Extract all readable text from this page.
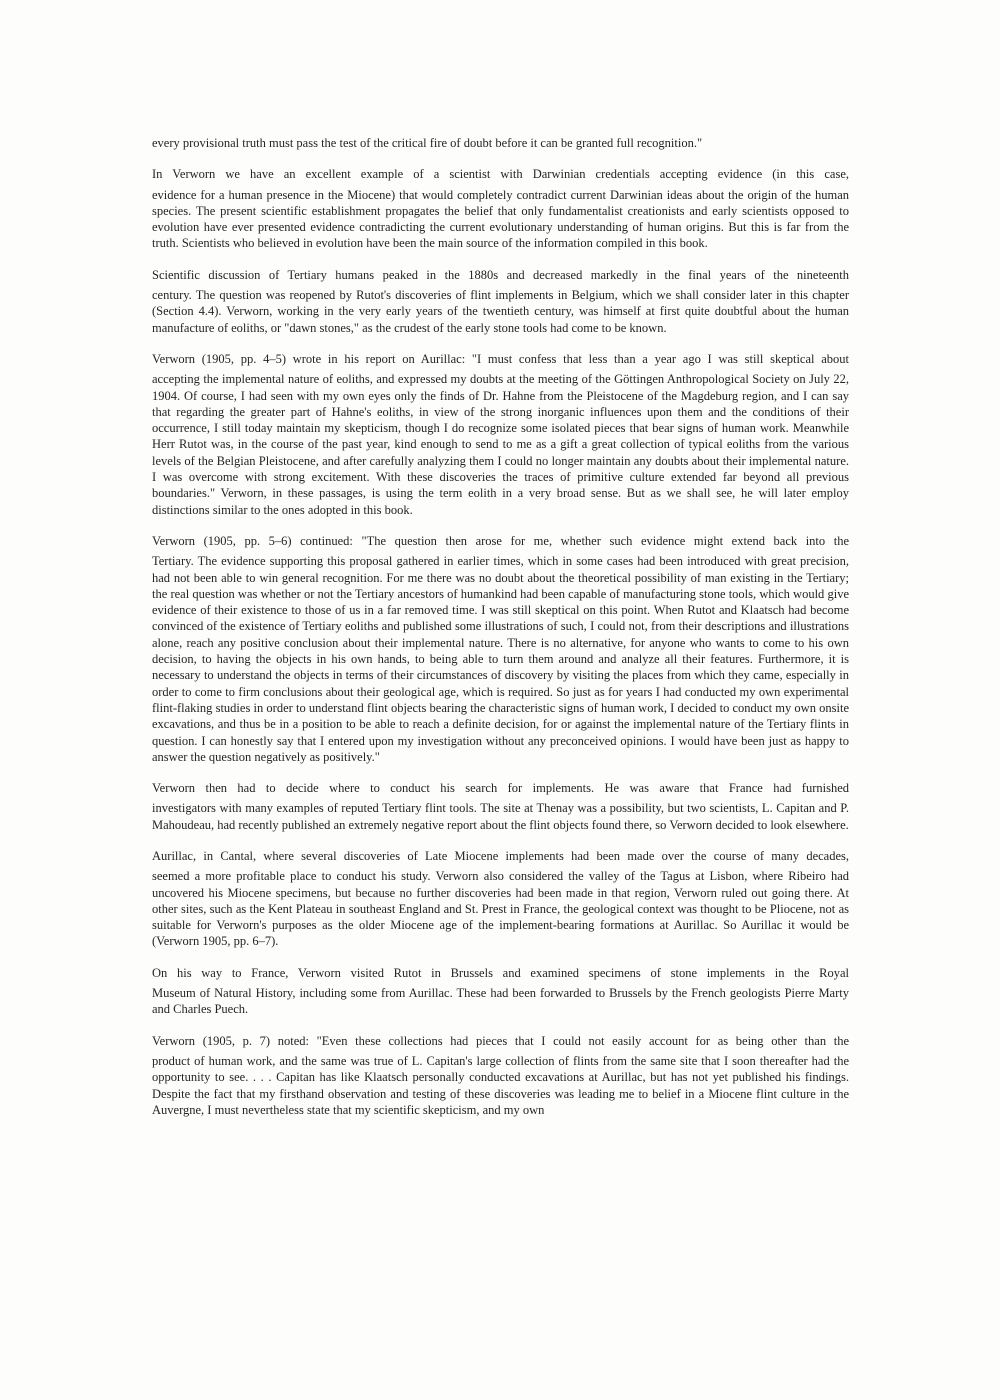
every provisional truth must pass the test of the critical fire of doubt before it can be granted full recognition."

In Verworn we have an excellent example of a scientist with Darwinian credentials accepting evidence (in this case,
evidence for a human presence in the Miocene) that would completely contradict current Darwinian ideas about the origin of the human species. The present scientific establishment propagates the belief that only fundamentalist creationists and early scientists opposed to evolution have ever presented evidence contradicting the current evolutionary understanding of human origins. But this is far from the truth. Scientists who believed in evolution have been the main source of the information compiled in this book.

Scientific discussion of Tertiary humans peaked in the 1880s and decreased markedly in the final years of the nineteenth
century. The question was reopened by Rutot's discoveries of flint implements in Belgium, which we shall consider later in this chapter (Section 4.4). Verworn, working in the very early years of the twentieth century, was himself at first quite doubtful about the human manufacture of eoliths, or "dawn stones," as the crudest of the early stone tools had come to be known.

Verworn (1905, pp. 4–5) wrote in his report on Aurillac: "I must confess that less than a year ago I was still skeptical about
accepting the implemental nature of eoliths, and expressed my doubts at the meeting of the Göttingen Anthropological Society on July 22, 1904. Of course, I had seen with my own eyes only the finds of Dr. Hahne from the Pleistocene of the Magdeburg region, and I can say that regarding the greater part of Hahne's eoliths, in view of the strong inorganic influences upon them and the conditions of their occurrence, I still today maintain my skepticism, though I do recognize some isolated pieces that bear signs of human work. Meanwhile Herr Rutot was, in the course of the past year, kind enough to send to me as a gift a great collection of typical eoliths from the various levels of the Belgian Pleistocene, and after carefully analyzing them I could no longer maintain any doubts about their implemental nature. I was overcome with strong excitement. With these discoveries the traces of primitive culture extended far beyond all previous boundaries." Verworn, in these passages, is using the term eolith in a very broad sense. But as we shall see, he will later employ distinctions similar to the ones adopted in this book.

Verworn (1905, pp. 5–6) continued: "The question then arose for me, whether such evidence might extend back into the
Tertiary. The evidence supporting this proposal gathered in earlier times, which in some cases had been introduced with great precision, had not been able to win general recognition. For me there was no doubt about the theoretical possibility of man existing in the Tertiary; the real question was whether or not the Tertiary ancestors of humankind had been capable of manufacturing stone tools, which would give evidence of their existence to those of us in a far removed time. I was still skeptical on this point. When Rutot and Klaatsch had become convinced of the existence of Tertiary eoliths and published some illustrations of such, I could not, from their descriptions and illustrations alone, reach any positive conclusion about their implemental nature. There is no alternative, for anyone who wants to come to his own decision, to having the objects in his own hands, to being able to turn them around and analyze all their features. Furthermore, it is necessary to understand the objects in terms of their circumstances of discovery by visiting the places from which they came, especially in order to come to firm conclusions about their geological age, which is required. So just as for years I had conducted my own experimental flint-flaking studies in order to understand flint objects bearing the characteristic signs of human work, I decided to conduct my own onsite excavations, and thus be in a position to be able to reach a definite decision, for or against the implemental nature of the Tertiary flints in question. I can honestly say that I entered upon my investigation without any preconceived opinions. I would have been just as happy to answer the question negatively as positively."

Verworn then had to decide where to conduct his search for implements. He was aware that France had furnished
investigators with many examples of reputed Tertiary flint tools. The site at Thenay was a possibility, but two scientists, L. Capitan and P. Mahoudeau, had recently published an extremely negative report about the flint objects found there, so Verworn decided to look elsewhere.

Aurillac, in Cantal, where several discoveries of Late Miocene implements had been made over the course of many decades,
seemed a more profitable place to conduct his study. Verworn also considered the valley of the Tagus at Lisbon, where Ribeiro had uncovered his Miocene specimens, but because no further discoveries had been made in that region, Verworn ruled out going there. At other sites, such as the Kent Plateau in southeast England and St. Prest in France, the geological context was thought to be Pliocene, not as suitable for Verworn's purposes as the older Miocene age of the implement-bearing formations at Aurillac. So Aurillac it would be (Verworn 1905, pp. 6–7).

On his way to France, Verworn visited Rutot in Brussels and examined specimens of stone implements in the Royal
Museum of Natural History, including some from Aurillac. These had been forwarded to Brussels by the French geologists Pierre Marty and Charles Puech.

Verworn (1905, p. 7) noted: "Even these collections had pieces that I could not easily account for as being other than the
product of human work, and the same was true of L. Capitan's large collection of flints from the same site that I soon thereafter had the opportunity to see. . . . Capitan has like Klaatsch personally conducted excavations at Aurillac, but has not yet published his findings. Despite the fact that my firsthand observation and testing of these discoveries was leading me to belief in a Miocene flint culture in the Auvergne, I must nevertheless state that my scientific skepticism, and my own
